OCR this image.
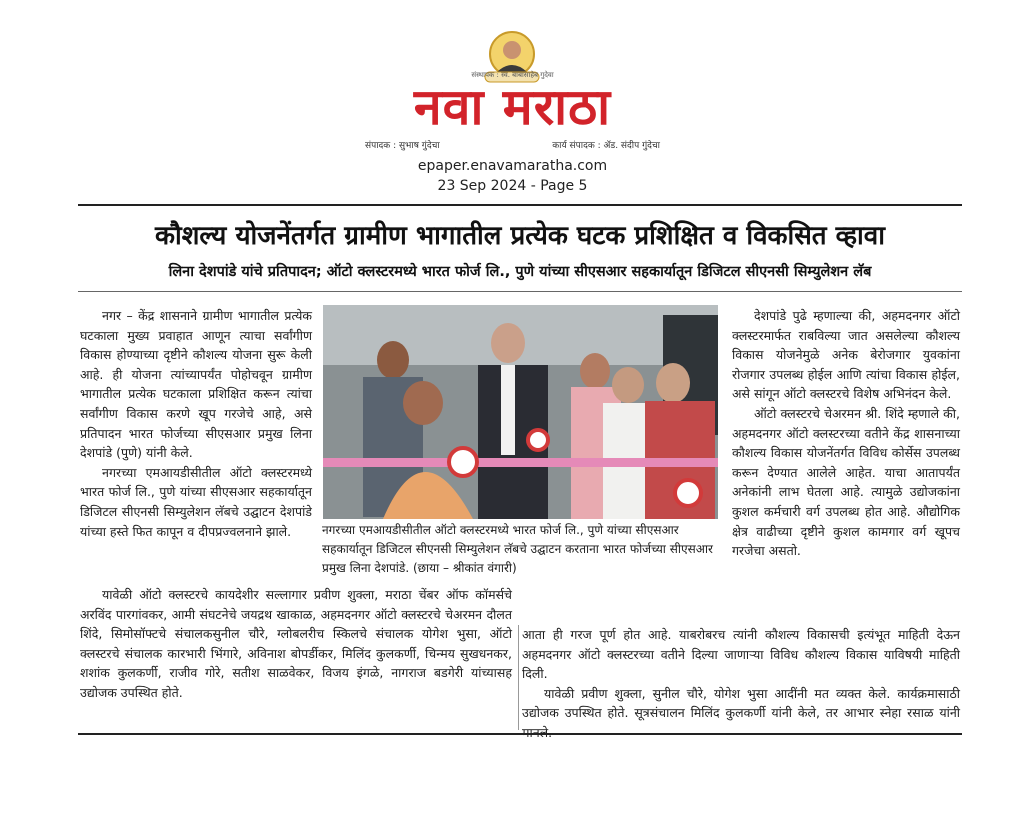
संस्थापक : स्व. बाबासाहेब गुदेवा
नवा मराठा
संपादक : सुभाष गुंदेचा	कार्य संपादक : ॲड. संदीप गुंदेचा
epaper.enavamaratha.com
23 Sep 2024 - Page 5
कौशल्य योजनेंतर्गत ग्रामीण भागातील प्रत्येक घटक प्रशिक्षित व विकसित व्हावा
लिना देशपांडे यांचे प्रतिपादन; ऑटो क्लस्टरमध्ये भारत फोर्ज लि., पुणे यांच्या सीएसआर सहकार्यातून डिजिटल सीएनसी सिम्युलेशन लॅब

नगर – केंद्र शासनाने ग्रामीण भागातील प्रत्येक घटकाला मुख्य प्रवाहात आणून त्याचा सर्वांगीण विकास होण्याच्या दृष्टीने कौशल्य योजना सुरू केली आहे. ही योजना त्यांच्यापर्यंत पोहोचवून ग्रामीण भागातील प्रत्येक घटकाला प्रशिक्षित करून त्यांचा सर्वांगीण विकास करणे खूप गरजेचे आहे, असे प्रतिपादन भारत फोर्जच्या सीएसआर प्रमुख लिना देशपांडे (पुणे) यांनी केले.

नगरच्या एमआयडीसीतील ऑटो क्लस्टरमध्ये भारत फोर्ज लि., पुणे यांच्या सीएसआर सहकार्यातून डिजिटल सीएनसी सिम्युलेशन लॅबचे उद्घाटन देशपांडे यांच्या हस्ते फित कापून व दीपप्रज्वलनाने झाले.	नगरच्या एमआयडीसीतील ऑटो क्लस्टरमध्ये भारत फोर्ज लि., पुणे यांच्या सीएसआर सहकार्यातून डिजिटल सीएनसी सिम्युलेशन लॅबचे उद्घाटन करताना भारत फोर्जच्या सीएसआर प्रमुख लिना देशपांडे. (छाया – श्रीकांत वंगारी)

देशपांडे पुढे म्हणाल्या की, अहमदनगर ऑटो क्लस्टरमार्फत राबविल्या जात असलेल्या कौशल्य विकास योजनेमुळे अनेक बेरोजगार युवकांना रोजगार उपलब्ध होईल आणि त्यांचा विकास होईल, असे सांगून ऑटो क्लस्टरचे विशेष अभिनंदन केले.

ऑटो क्लस्टरचे चेअरमन श्री. शिंदे म्हणाले की, अहमदनगर ऑटो क्लस्टरच्या वतीने केंद्र शासनाच्या कौशल्य विकास योजनेंतर्गत विविध कोर्सेस उपलब्ध करून देण्यात आलेले आहेत. याचा आतापर्यंत अनेकांनी लाभ घेतला आहे. त्यामुळे उद्योजकांना कुशल कर्मचारी वर्ग उपलब्ध होत आहे. औद्योगिक क्षेत्र वाढीच्या दृष्टीने कुशल कामगार वर्ग खूपच गरजेचा असतो.

यावेळी ऑटो क्लस्टरचे कायदेशीर सल्लागार प्रवीण शुक्ला, मराठा चेंबर ऑफ कॉमर्सचे अरविंद पारगांवकर, आमी संघटनेचे जयद्रथ खाकाळ, अहमदनगर ऑटो क्लस्टरचे चेअरमन दौलत शिंदे, सिमोसॉफ्टचे संचालकसुनील चौरे, ग्लोबलरीच स्किलचे संचालक योगेश भुसा, ऑटो क्लस्टरचे संचालक कारभारी भिंगारे, अविनाश बोपर्डीकर, मिलिंद कुलकर्णी, चिन्मय सुखधनकर, शशांक कुलकर्णी, राजीव गोरे, सतीश साळवेकर, विजय इंगळे, नागराज बडगेरी यांच्यासह उद्योजक उपस्थित होते.

आता ही गरज पूर्ण होत आहे. याबरोबरच त्यांनी कौशल्य विकासची इत्यंभूत माहिती देऊन अहमदनगर ऑटो क्लस्टरच्या वतीने दिल्या जाणाऱ्या विविध कौशल्य विकास याविषयी माहिती दिली.

यावेळी प्रवीण शुक्ला, सुनील चौरे, योगेश भुसा आदींनी मत व्यक्त केले. कार्यक्रमासाठी उद्योजक उपस्थित होते. सूत्रसंचालन मिलिंद कुलकर्णी यांनी केले, तर आभार स्नेहा रसाळ यांनी
